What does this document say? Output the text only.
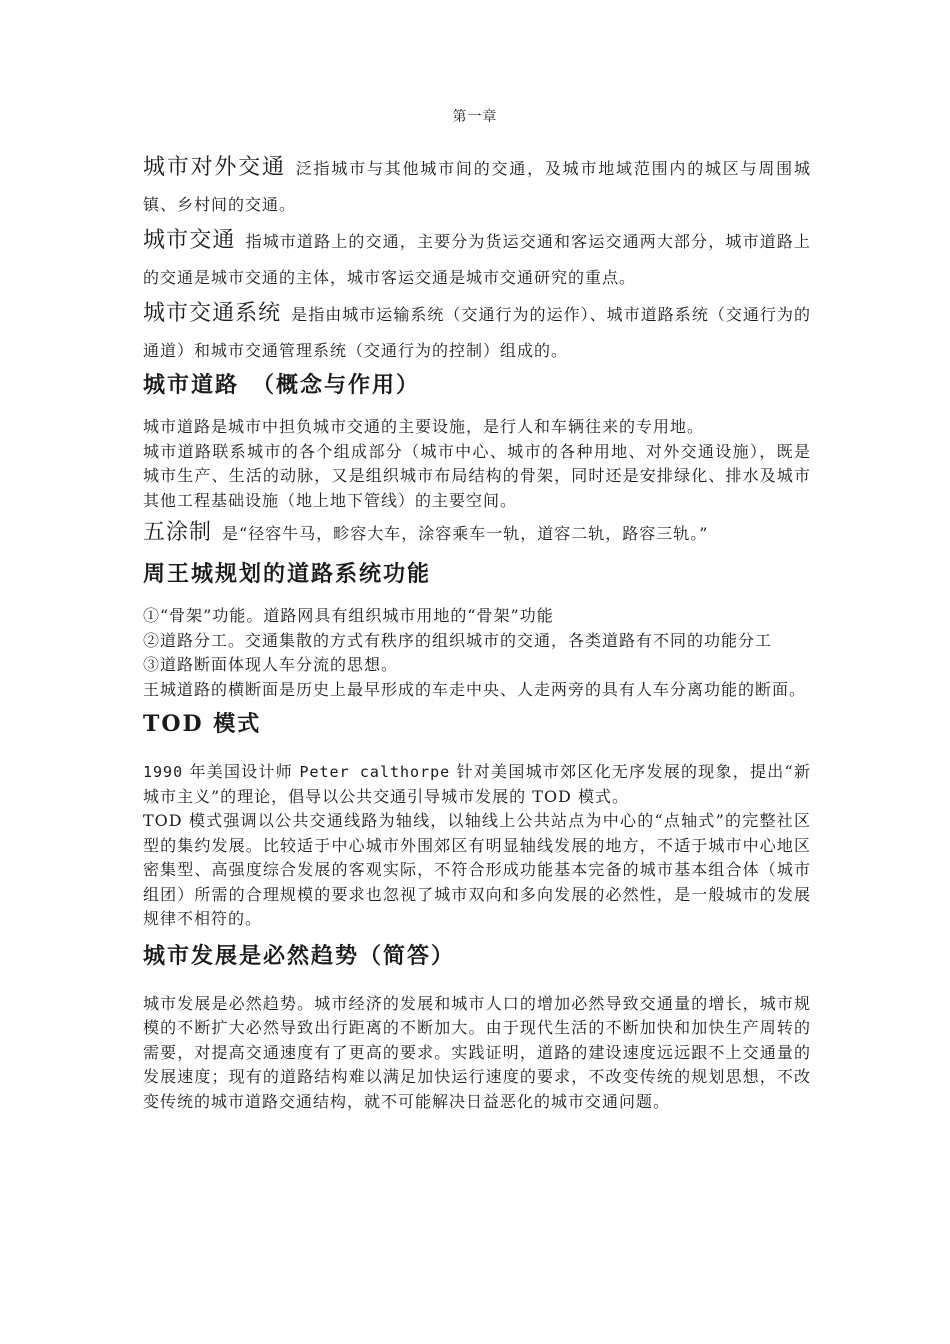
第一章

城市对外交通 泛指城市与其他城市间的交通，及城市地域范围内的城区与周围城镇、乡村间的交通。

城市交通 指城市道路上的交通，主要分为货运交通和客运交通两大部分，城市道路上的交通是城市交通的主体，城市客运交通是城市交通研究的重点。

城市交通系统 是指由城市运输系统（交通行为的运作）、城市道路系统（交通行为的通道）和城市交通管理系统（交通行为的控制）组成的。

城市道路　（概念与作用）

城市道路是城市中担负城市交通的主要设施，是行人和车辆往来的专用地。

城市道路联系城市的各个组成部分（城市中心、城市的各种用地、对外交通设施），既是城市生产、生活的动脉，又是组织城市布局结构的骨架，同时还是安排绿化、排水及城市其他工程基础设施（地上地下管线）的主要空间。

五涂制 是“径容牛马，畛容大车，涂容乘车一轨，道容二轨，路容三轨。”

周王城规划的道路系统功能

①“骨架”功能。道路网具有组织城市用地的“骨架”功能

②道路分工。交通集散的方式有秩序的组织城市的交通，各类道路有不同的功能分工

③道路断面体现人车分流的思想。

王城道路的横断面是历史上最早形成的车走中央、人走两旁的具有人车分离功能的断面。

TOD 模式

1990 年美国设计师 Peter calthorpe 针对美国城市郊区化无序发展的现象，提出“新城市主义”的理论，倡导以公共交通引导城市发展的 TOD 模式。

TOD 模式强调以公共交通线路为轴线，以轴线上公共站点为中心的“点轴式”的完整社区型的集约发展。比较适于中心城市外围郊区有明显轴线发展的地方，不适于城市中心地区密集型、高强度综合发展的客观实际，不符合形成功能基本完备的城市基本组合体（城市组团）所需的合理规模的要求也忽视了城市双向和多向发展的必然性，是一般城市的发展规律不相符的。

城市发展是必然趋势（简答）

城市发展是必然趋势。城市经济的发展和城市人口的增加必然导致交通量的增长，城市规模的不断扩大必然导致出行距离的不断加大。由于现代生活的不断加快和加快生产周转的需要，对提高交通速度有了更高的要求。实践证明，道路的建设速度远远跟不上交通量的发展速度；现有的道路结构难以满足加快运行速度的要求，不改变传统的规划思想，不改变传统的城市道路交通结构，就不可能解决日益恶化的城市交通问题。
